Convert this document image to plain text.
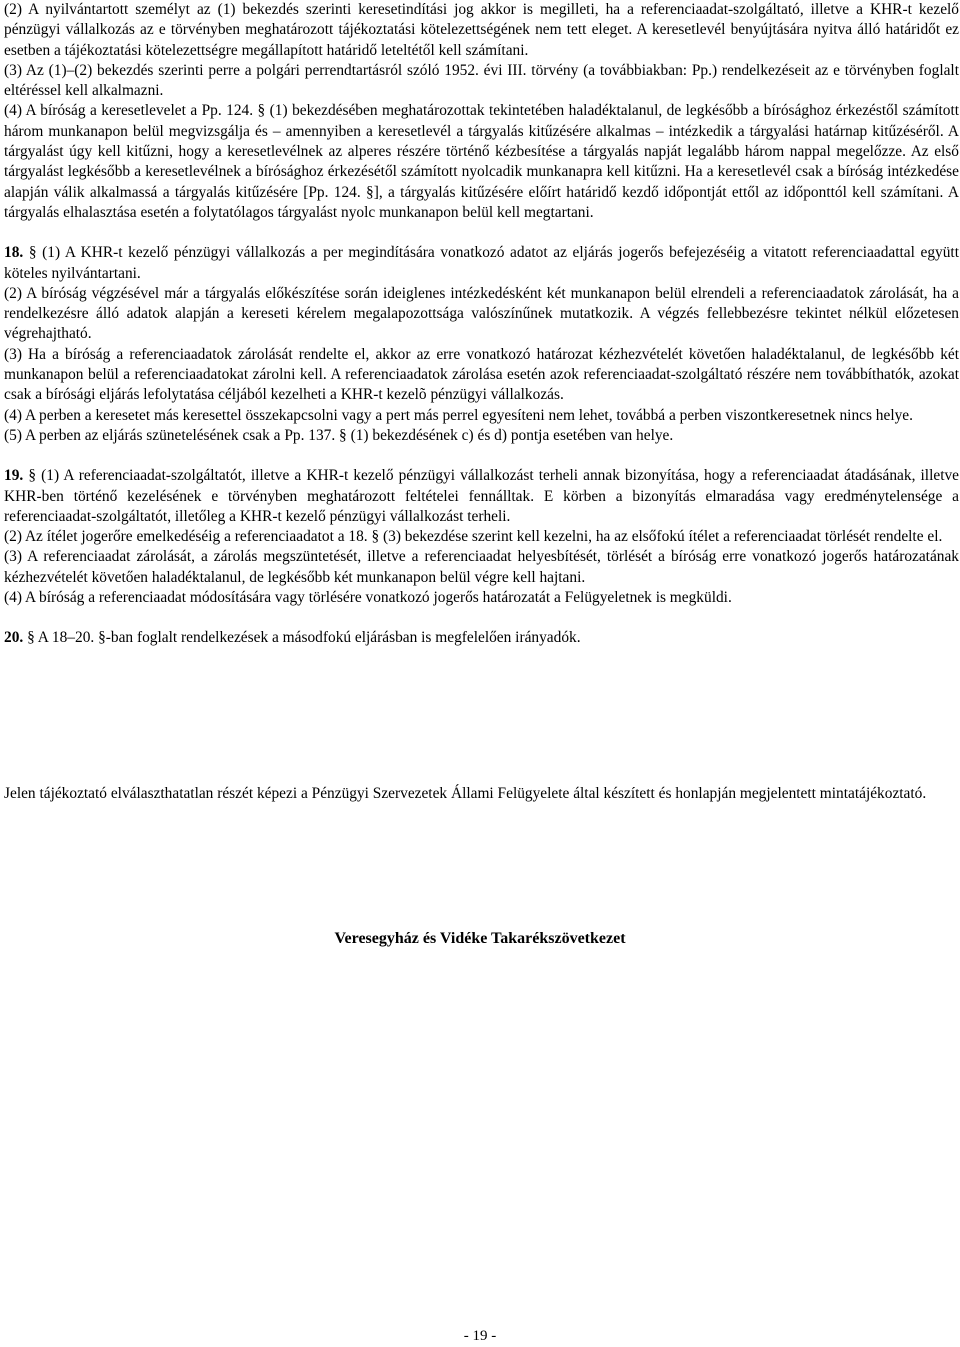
(2) A nyilvántartott személyt az (1) bekezdés szerinti keresetindítási jog akkor is megilleti, ha a referenciaadat-szolgáltató, illetve a KHR-t kezelő pénzügyi vállalkozás az e törvényben meghatározott tájékoztatási kötelezettségének nem tett eleget. A keresetlevél benyújtására nyitva álló határidőt ez esetben a tájékoztatási kötelezettségre megállapított határidő leteltétől kell számítani.

(3) Az (1)–(2) bekezdés szerinti perre a polgári perrendtartásról szóló 1952. évi III. törvény (a továbbiakban: Pp.) rendelkezéseit az e törvényben foglalt eltéréssel kell alkalmazni.

(4) A bíróság a keresetlevelet a Pp. 124. § (1) bekezdésében meghatározottak tekintetében haladéktalanul, de legkésőbb a bírósághoz érkezéstől számított három munkanapon belül megvizsgálja és – amennyiben a keresetlevél a tárgyalás kitűzésére alkalmas – intézkedik a tárgyalási határnap kitűzéséről. A tárgyalást úgy kell kitűzni, hogy a keresetlevélnek az alperes részére történő kézbesítése a tárgyalás napját legalább három nappal megelőzze. Az első tárgyalást legkésőbb a keresetlevélnek a bírósághoz érkezésétől számított nyolcadik munkanapra kell kitűzni. Ha a keresetlevél csak a bíróság intézkedése alapján válik alkalmassá a tárgyalás kitűzésére [Pp. 124. §], a tárgyalás kitűzésére előírt határidő kezdő időpontját ettől az időponttól kell számítani. A tárgyalás elhalasztása esetén a folytatólagos tárgyalást nyolc munkanapon belül kell megtartani.

18. § (1) A KHR-t kezelő pénzügyi vállalkozás a per megindítására vonatkozó adatot az eljárás jogerős befejezéséig a vitatott referenciaadattal együtt köteles nyilvántartani.

(2) A bíróság végzésével már a tárgyalás előkészítése során ideiglenes intézkedésként két munkanapon belül elrendeli a referenciaadatok zárolását, ha a rendelkezésre álló adatok alapján a kereseti kérelem megalapozottsága valószínűnek mutatkozik. A végzés fellebbezésre tekintet nélkül előzetesen végrehajtható.

(3) Ha a bíróság a referenciaadatok zárolását rendelte el, akkor az erre vonatkozó határozat kézhezvételét követően haladéktalanul, de legkésőbb két munkanapon belül a referenciaadatokat zárolni kell. A referenciaadatok zárolása esetén azok referenciaadat-szolgáltató részére nem továbbíthatók, azokat csak a bírósági eljárás lefolytatása céljából kezelheti a KHR-t kezelõ pénzügyi vállalkozás.

(4) A perben a keresetet más keresettel összekapcsolni vagy a pert más perrel egyesíteni nem lehet, továbbá a perben viszontkeresetnek nincs helye.

(5) A perben az eljárás szünetelésének csak a Pp. 137. § (1) bekezdésének c) és d) pontja esetében van helye.

19. § (1) A referenciaadat-szolgáltatót, illetve a KHR-t kezelő pénzügyi vállalkozást terheli annak bizonyítása, hogy a referenciaadat átadásának, illetve KHR-ben történő kezelésének e törvényben meghatározott feltételei fennálltak. E körben a bizonyítás elmaradása vagy eredménytelensége a referenciaadat-szolgáltatót, illetőleg a KHR-t kezelő pénzügyi vállalkozást terheli.

(2) Az ítélet jogerőre emelkedéséig a referenciaadatot a 18. § (3) bekezdése szerint kell kezelni, ha az elsőfokú ítélet a referenciaadat törlését rendelte el.

(3) A referenciaadat zárolását, a zárolás megszüntetését, illetve a referenciaadat helyesbítését, törlését a bíróság erre vonatkozó jogerős határozatának kézhezvételét követően haladéktalanul, de legkésőbb két munkanapon belül végre kell hajtani.

(4) A bíróság a referenciaadat módosítására vagy törlésére vonatkozó jogerős határozatát a Felügyeletnek is megküldi.

20. § A 18–20. §-ban foglalt rendelkezések a másodfokú eljárásban is megfelelően irányadók.

Jelen tájékoztató elválaszthatatlan részét képezi a Pénzügyi Szervezetek Állami Felügyelete által készített és honlapján megjelentett mintatájékoztató.

Veresegyház és Vidéke Takarékszövetkezet
- 19 -
